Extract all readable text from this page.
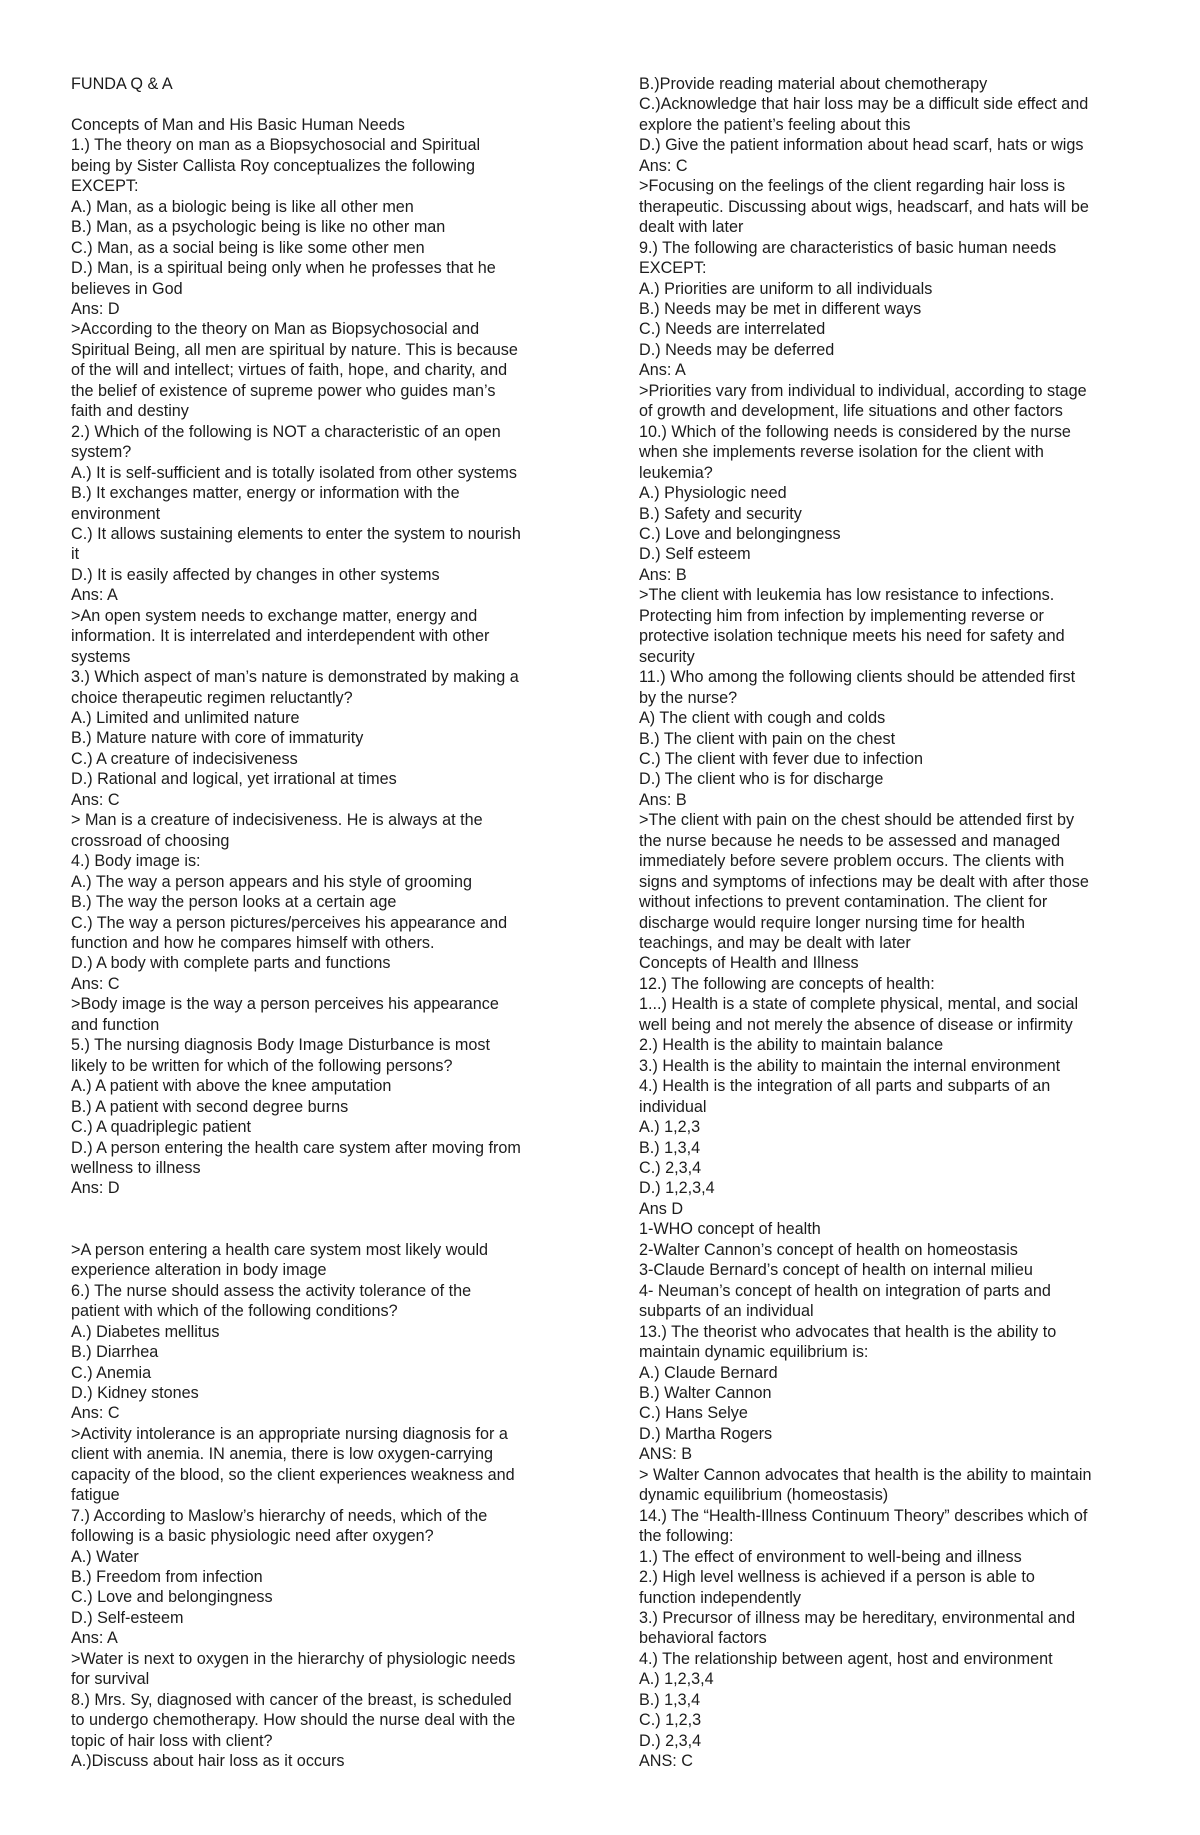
FUNDA Q & A
Concepts of Man and His Basic Human Needs
1.) The theory on man as a Biopsychosocial and Spiritual
being by Sister Callista Roy conceptualizes the following
EXCEPT:
A.) Man, as a biologic being is like all other men
B.) Man, as a psychologic being is like no other man
C.) Man, as a social being is like some other men
D.) Man, is a spiritual being only when he professes that he
believes in God
Ans: D
>According to the theory on Man as Biopsychosocial and
Spiritual Being, all men are spiritual by nature. This is because
of the will and intellect; virtues of faith, hope, and charity, and
the belief of existence of supreme power who guides man’s
faith and destiny
2.) Which of the following is NOT a characteristic of an open
system?
A.) It is self-sufficient and is totally isolated from other systems
B.) It exchanges matter, energy or information with the
environment
C.) It allows sustaining elements to enter the system to nourish
it
D.) It is easily affected by changes in other systems
Ans: A
>An open system needs to exchange matter, energy and
information. It is interrelated and interdependent with other
systems
3.) Which aspect of man’s nature is demonstrated by making a
choice therapeutic regimen reluctantly?
A.) Limited and unlimited nature
B.) Mature nature with core of immaturity
C.) A creature of indecisiveness
D.) Rational and logical, yet irrational at times
Ans: C
> Man is a creature of indecisiveness. He is always at the
crossroad of choosing
4.) Body image is:
A.) The way a person appears and his style of grooming
B.) The way the person looks at a certain age
C.) The way a person pictures/perceives his appearance and
function and how he compares himself with others.
D.) A body with complete parts and functions
Ans: C
>Body image is the way a person perceives his appearance
and function
5.) The nursing diagnosis Body Image Disturbance is most
likely to be written for which of the following persons?
A.) A patient with above the knee amputation
B.) A patient with second degree burns
C.) A quadriplegic patient
D.) A person entering the health care system after moving from
wellness to illness
Ans: D
>A person entering a health care system most likely would
experience alteration in body image
6.) The nurse should assess the activity tolerance of the
patient with which of the following conditions?
A.) Diabetes mellitus
B.) Diarrhea
C.) Anemia
D.) Kidney stones
Ans: C
>Activity intolerance is an appropriate nursing diagnosis for a
client with anemia. IN anemia, there is low oxygen-carrying
capacity of the blood, so the client experiences weakness and
fatigue
7.) According to Maslow’s hierarchy of needs, which of the
following is a basic physiologic need after oxygen?
A.) Water
B.) Freedom from infection
C.) Love and belongingness
D.) Self-esteem
Ans: A
>Water is next to oxygen in the hierarchy of physiologic needs
for survival
8.) Mrs. Sy, diagnosed with cancer of the breast, is scheduled
to undergo chemotherapy. How should the nurse deal with the
topic of hair loss with client?
A.)Discuss about hair loss as it occurs
B.)Provide reading material about chemotherapy
C.)Acknowledge that hair loss may be a difficult side effect and
explore the patient’s feeling about this
D.) Give the patient information about head scarf, hats or wigs
Ans: C
>Focusing on the feelings of the client regarding hair loss is
therapeutic. Discussing about wigs, headscarf, and hats will be
dealt with later
9.) The following are characteristics of basic human needs
EXCEPT:
A.) Priorities are uniform to all individuals
B.) Needs may be met in different ways
C.) Needs are interrelated
D.) Needs may be deferred
Ans: A
>Priorities vary from individual to individual, according to stage
of growth and development, life situations and other factors
10.) Which of the following needs is considered by the nurse
when she implements reverse isolation for the client with
leukemia?
A.) Physiologic need
B.) Safety and security
C.) Love and belongingness
D.) Self esteem
Ans: B
>The client with leukemia has low resistance to infections.
Protecting him from infection by implementing reverse or
protective isolation technique meets his need for safety and
security
11.) Who among the following clients should be attended first
by the nurse?
A) The client with cough and colds
B.) The client with pain on the chest
C.) The client with fever due to infection
D.) The client who is for discharge
Ans: B
>The client with pain on the chest should be attended first by
the nurse because he needs to be assessed and managed
immediately before severe problem occurs. The clients with
signs and symptoms of infections may be dealt with after those
without infections to prevent contamination. The client for
discharge would require longer nursing time for health
teachings, and may be dealt with later
Concepts of Health and Illness
12.) The following are concepts of health:
1...) Health is a state of complete physical, mental, and social
well being and not merely the absence of disease or infirmity
2.) Health is the ability to maintain balance
3.) Health is the ability to maintain the internal environment
4.) Health is the integration of all parts and subparts of an
individual
A.) 1,2,3
B.) 1,3,4
C.) 2,3,4
D.) 1,2,3,4
Ans D
1-WHO concept of health
2-Walter Cannon’s concept of health on homeostasis
3-Claude Bernard’s concept of health on internal milieu
4- Neuman’s concept of health on integration of parts and
subparts of an individual
13.) The theorist who advocates that health is the ability to
maintain dynamic equilibrium is:
A.) Claude Bernard
B.) Walter Cannon
C.) Hans Selye
D.) Martha Rogers
ANS: B
> Walter Cannon advocates that health is the ability to maintain
dynamic equilibrium (homeostasis)
14.) The “Health-Illness Continuum Theory” describes which of
the following:
1.) The effect of environment to well-being and illness
2.) High level wellness is achieved if a person is able to
function independently
3.) Precursor of illness may be hereditary, environmental and
behavioral factors
4.) The relationship between agent, host and environment
A.) 1,2,3,4
B.) 1,3,4
C.) 1,2,3
D.) 2,3,4
ANS: C
